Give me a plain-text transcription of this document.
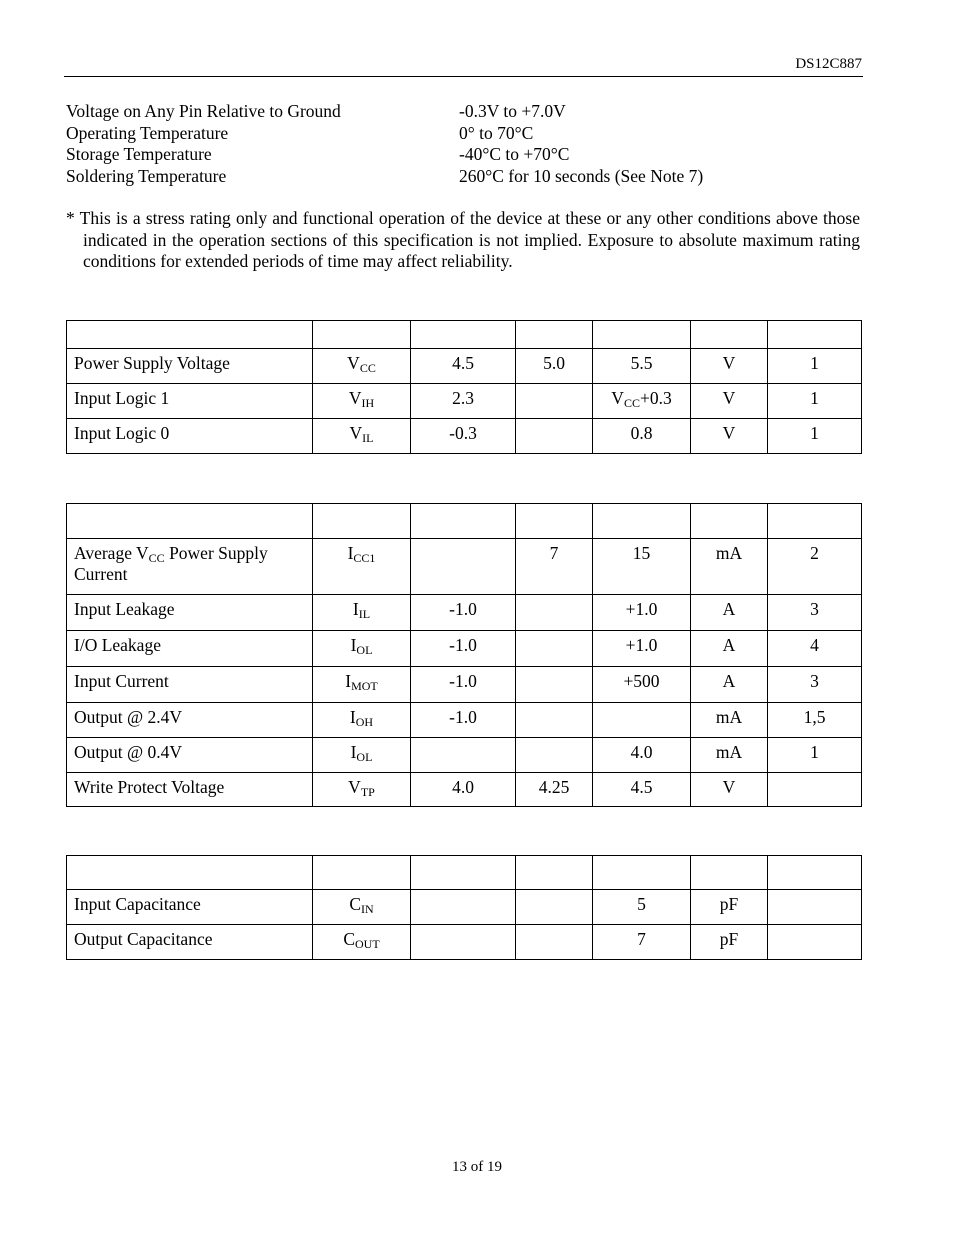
DS12C887
Voltage on Any Pin Relative to Ground	-0.3V to +7.0V
Operating Temperature	0° to 70°C
Storage Temperature	-40°C to +70°C
Soldering Temperature	260°C for 10 seconds (See Note 7)
* This is a stress rating only and functional operation of the device at these or any other conditions above those indicated in the operation sections of this specification is not implied. Exposure to absolute maximum rating conditions for extended periods of time may affect reliability.

Power Supply Voltage	$V_{CC}$	4.5	5.0	5.5	V	1
Input Logic 1	$V_{IH}$	2.3		$V_{CC}+0.3$	V	1
Input Logic 0	$V_{IL}$	-0.3		0.8	V	1

Average $V_{CC}$ Power Supply Current	$I_{CC1}$		7	15	mA	2
Input Leakage	$I_{IL}$	-1.0		+1.0	A	3
I/O Leakage	$I_{OL}$	-1.0		+1.0	A	4
Input Current	$I_{MOT}$	-1.0		+500	A	3
Output @ 2.4V	$I_{OH}$	-1.0			mA	1,5
Output @ 0.4V	$I_{OL}$			4.0	mA	1
Write Protect Voltage	$V_{TP}$	4.0	4.25	4.5	V	

Input Capacitance	$C_{IN}$			5	pF	
Output Capacitance	$C_{OUT}$			7	pF	
13 of 19
